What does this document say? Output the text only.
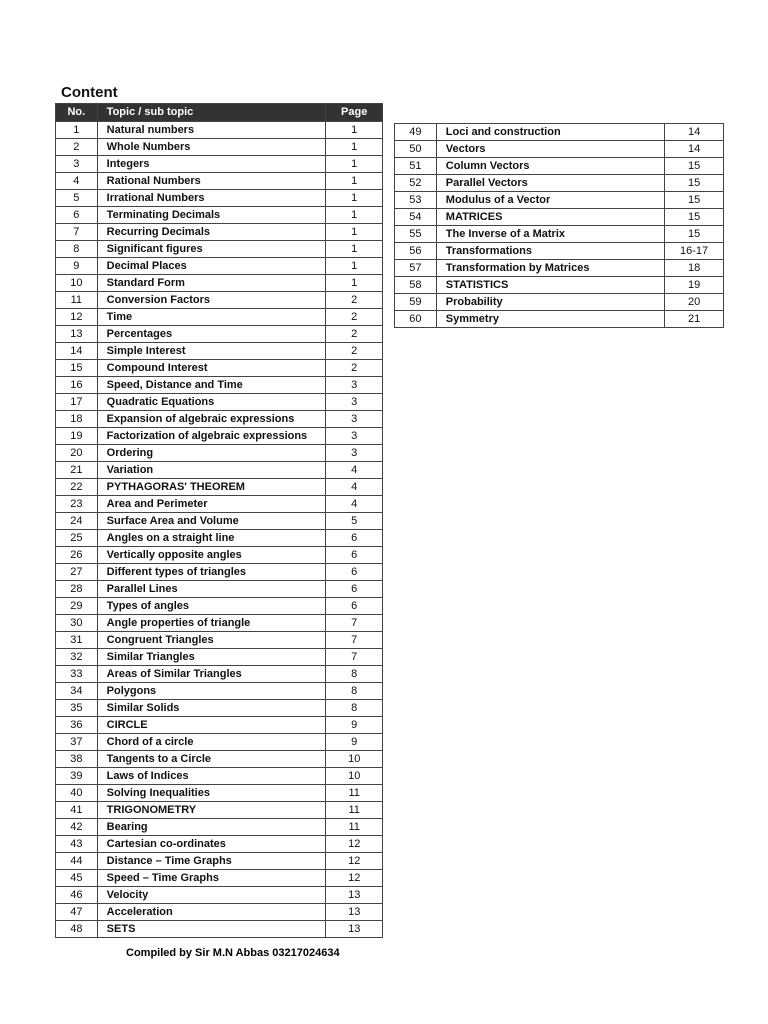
Content
No.	Topic / sub topic	Page
1	Natural numbers	1
2	Whole Numbers	1
3	Integers	1
4	Rational Numbers	1
5	Irrational Numbers	1
6	Terminating Decimals	1
7	Recurring Decimals	1
8	Significant figures	1
9	Decimal Places	1
10	Standard Form	1
11	Conversion Factors	2
12	Time	2
13	Percentages	2
14	Simple Interest	2
15	Compound Interest	2
16	Speed, Distance and Time	3
17	Quadratic Equations	3
18	Expansion of algebraic expressions	3
19	Factorization of algebraic expressions	3
20	Ordering	3
21	Variation	4
22	PYTHAGORAS' THEOREM	4
23	Area and Perimeter	4
24	Surface Area and Volume	5
25	Angles on a straight line	6
26	Vertically opposite angles	6
27	Different types of triangles	6
28	Parallel Lines	6
29	Types of angles	6
30	Angle properties of triangle	7
31	Congruent Triangles	7
32	Similar Triangles	7
33	Areas of Similar Triangles	8
34	Polygons	8
35	Similar Solids	8
36	CIRCLE	9
37	Chord of a circle	9
38	Tangents to a Circle	10
39	Laws of Indices	10
40	Solving Inequalities	11
41	TRIGONOMETRY	11
42	Bearing	11
43	Cartesian co-ordinates	12
44	Distance – Time Graphs	12
45	Speed – Time Graphs	12
46	Velocity	13
47	Acceleration	13
48	SETS	13
49	Loci and construction	14
50	Vectors	14
51	Column Vectors	15
52	Parallel Vectors	15
53	Modulus of a Vector	15
54	MATRICES	15
55	The Inverse of a Matrix	15
56	Transformations	16-17
57	Transformation by Matrices	18
58	STATISTICS	19
59	Probability	20
60	Symmetry	21
Compiled by Sir M.N Abbas 03217024634
